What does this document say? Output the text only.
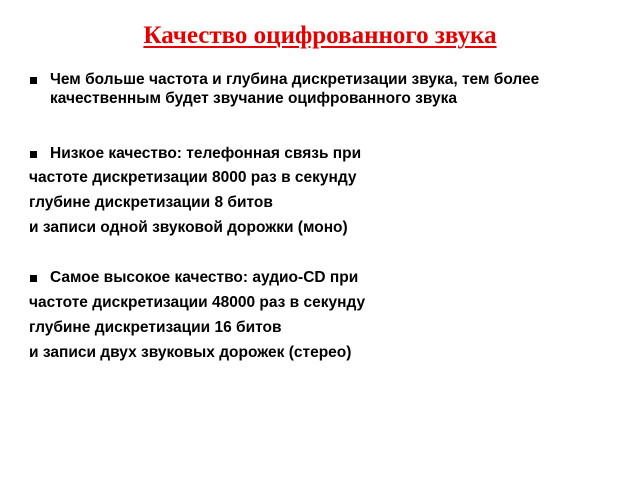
Качество оцифрованного звука
Чем больше частота и глубина дискретизации звука, тем более качественным будет звучание оцифрованного звука
Низкое качество: телефонная связь при
частоте дискретизации 8000 раз в секунду
глубине дискретизации 8 битов
и записи одной звуковой дорожки (моно)
Самое высокое качество: аудио-CD при
частоте дискретизации 48000 раз в секунду
глубине дискретизации 16 битов
и записи двух звуковых дорожек (стерео)
